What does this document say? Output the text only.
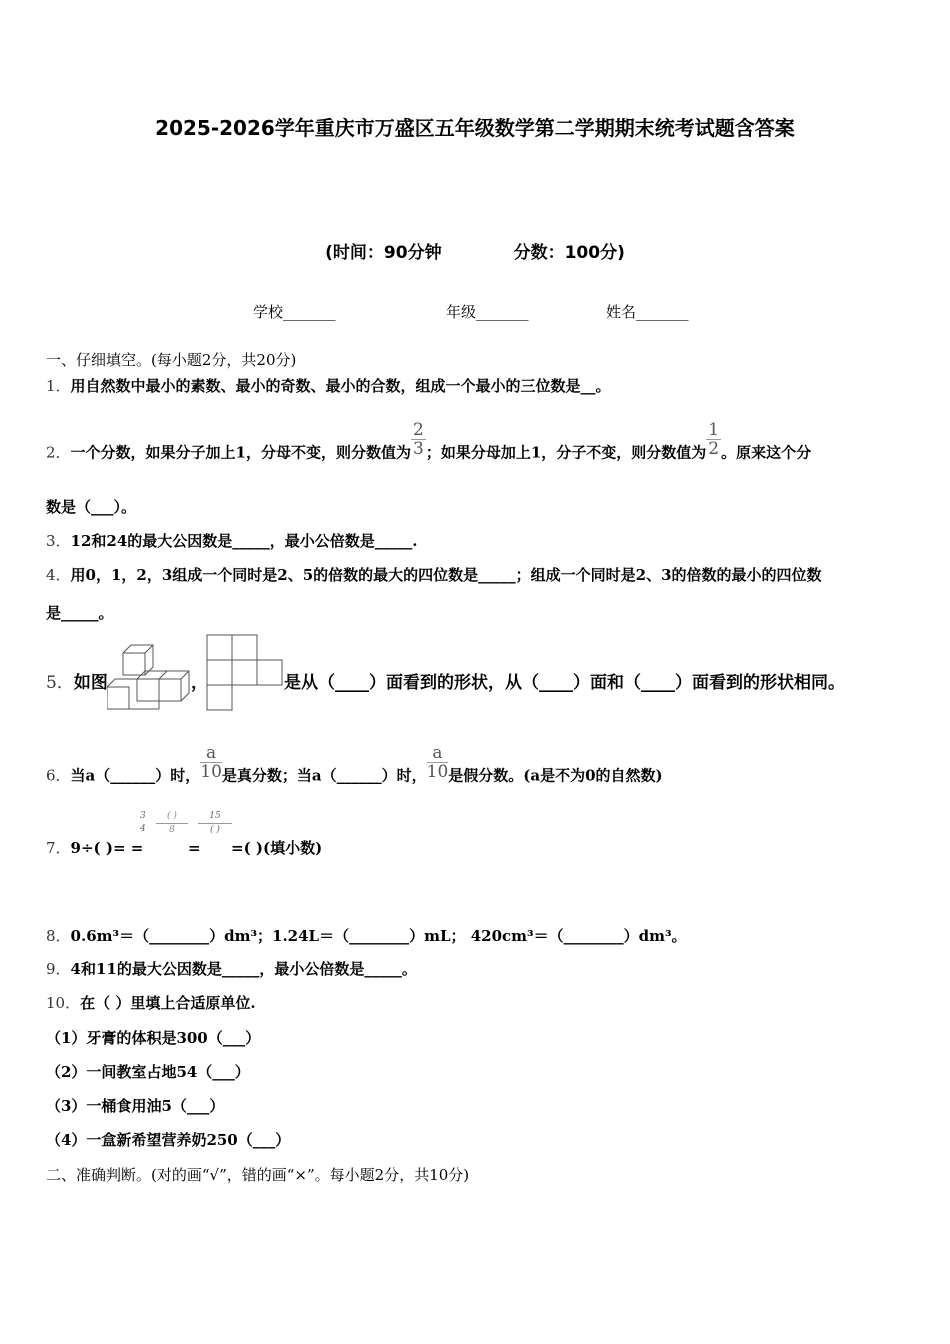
2025-2026学年重庆市万盛区五年级数学第二学期期末统考试题含答案
(时间：90分钟	分数：100分)
学校_______	年级_______	姓名_______
一、仔细填空。(每小题2分，共20分)
1．用自然数中最小的素数、最小的奇数、最小的合数，组成一个最小的三位数是__。
2．一个分数，如果分子加上1，分母不变，则分数值为 $\frac{2}{3}$ ；如果分母加上1，分子不变，则分数值为 $\frac{1}{2}$ 。原来这个分
数是（___）。
3．12和24的最大公因数是_____，最小公倍数是_____.
4．用0，1，2，3组成一个同时是2、5的倍数的最大的四位数是_____；组成一个同时是2、3的倍数的最小的四位数
是_____。
5．如图	，	是从（____）面看到的形状，从（____）面和（____）面看到的形状相同。
6．当a（______）时， $\frac{a}{10}$ 是真分数；当a（______）时， $\frac{a}{10}$ 是假分数。(a是不为0的自然数)
7．9÷( )= =
3
4
( )
8
=
15
( )
=( )(填小数)
8．0.6m³＝（________）dm³；1.24L＝（________）mL； 420cm³＝（________）dm³。
9．4和11的最大公因数是_____，最小公倍数是_____。
10．在（ ）里填上合适原单位.
（1）牙膏的体积是300（___）
（2）一间教室占地54（___）
（3）一桶食用油5（___）
（4）一盒新希望营养奶250（___）
二、准确判断。(对的画“√”，错的画“×”。每小题2分，共10分)
